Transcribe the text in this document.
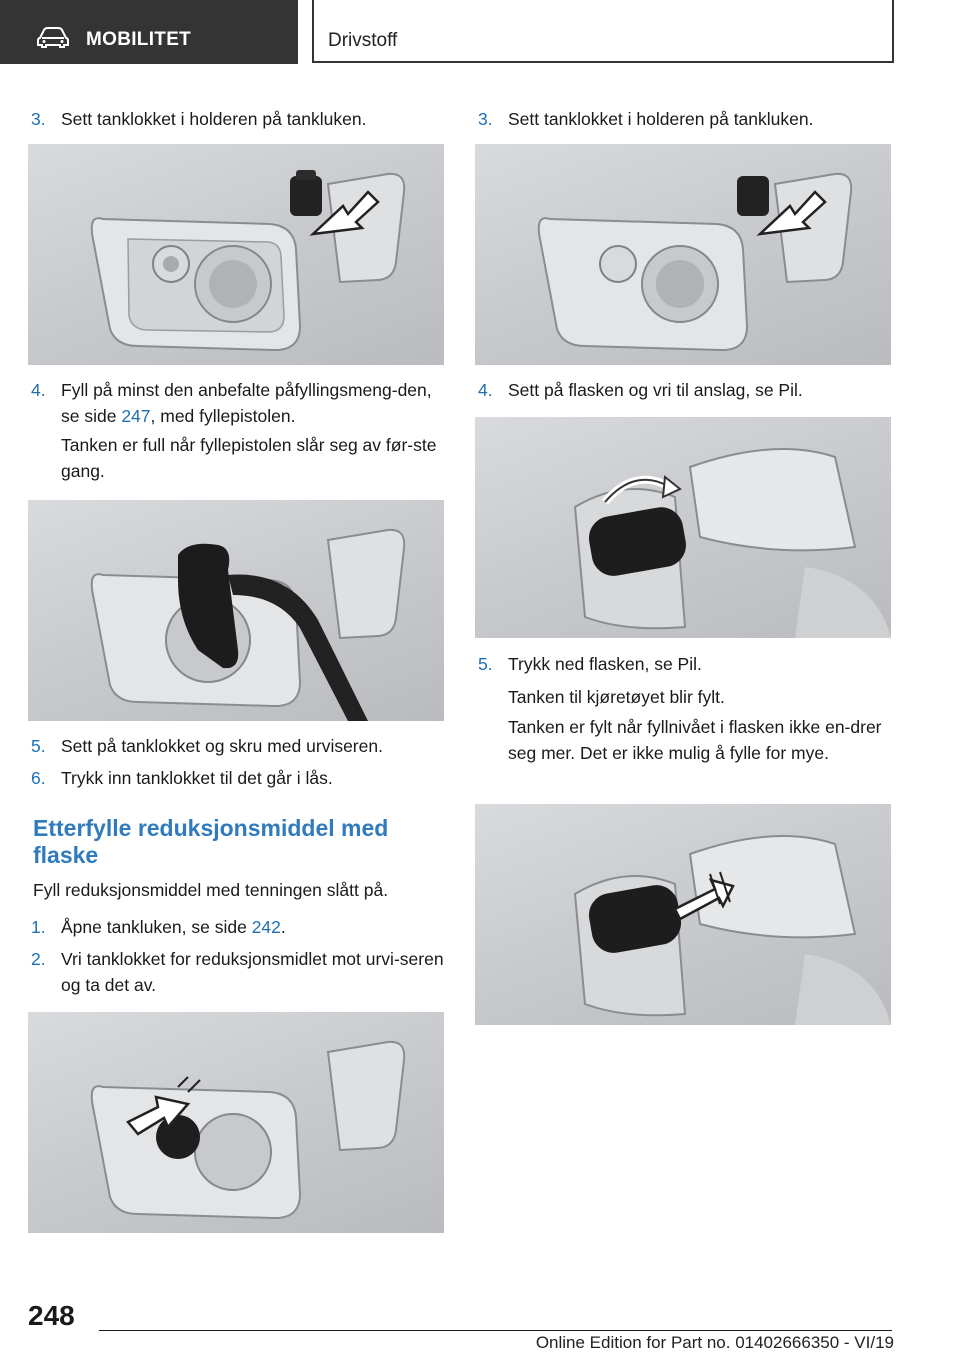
MOBILITET	Drivstoff
3. Sett tanklokket i holderen på tankluken.
4. Fyll på minst den anbefalte påfyllingsmeng-den, se side 247, med fyllepistolen.
Tanken er full når fyllepistolen slår seg av før-ste gang.
5. Sett på tanklokket og skru med urviseren.
6. Trykk inn tanklokket til det går i lås.
Etterfylle reduksjonsmiddel med flaske
Fyll reduksjonsmiddel med tenningen slått på.
1. Åpne tankluken, se side 242.
2. Vri tanklokket for reduksjonsmidlet mot urvi-seren og ta det av.
3. Sett tanklokket i holderen på tankluken.
4. Sett på flasken og vri til anslag, se Pil.
5. Trykk ned flasken, se Pil.
Tanken til kjøretøyet blir fylt.
Tanken er fylt når fyllnivået i flasken ikke en-drer seg mer. Det er ikke mulig å fylle for mye.
248
Online Edition for Part no. 01402666350 - VI/19
